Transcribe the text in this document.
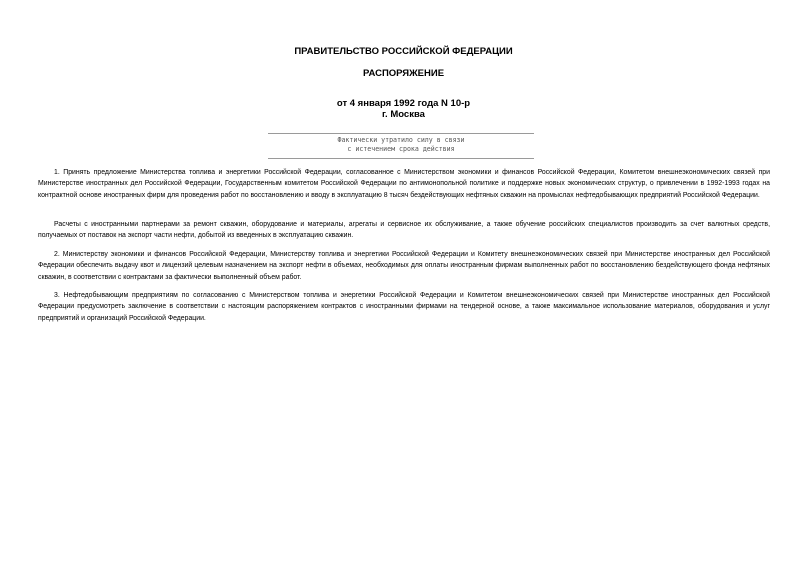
ПРАВИТЕЛЬСТВО РОССИЙСКОЙ ФЕДЕРАЦИИ
РАСПОРЯЖЕНИЕ
от 4 января 1992 года N 10-р
г. Москва
Фактически утратило силу в связи
с истечением срока действия

1. Принять предложение Министерства топлива и энергетики Российской Федерации, согласованное с Министерством экономики и финансов Российской Федерации, Комитетом внешнеэкономических связей при Министерстве иностранных дел Российской Федерации, Государственным комитетом Российской Федерации по антимонопольной политике и поддержке новых экономических структур, о привлечении в 1992-1993 годах на контрактной основе иностранных фирм для проведения работ по восстановлению и вводу в эксплуатацию 8 тысяч бездействующих нефтяных скважин на промыслах нефтедобывающих предприятий Российской Федерации.

Расчеты с иностранными партнерами за ремонт скважин, оборудование и материалы, агрегаты и сервисное их обслуживание, а также обучение российских специалистов производить за счет валютных средств, получаемых от поставок на экспорт части нефти, добытой из введенных в эксплуатацию скважин.

2. Министерству экономики и финансов Российской Федерации, Министерству топлива и энергетики Российской Федерации и Комитету внешнеэкономических связей при Министерстве иностранных дел Российской Федерации обеспечить выдачу квот и лицензий целевым назначением на экспорт нефти в объемах, необходимых для оплаты иностранным фирмам выполненных работ по восстановлению бездействующего фонда нефтяных скважин, в соответствии с контрактами за фактически выполненный объем работ.

3. Нефтедобывающим предприятиям по согласованию с Министерством топлива и энергетики Российской Федерации и Комитетом внешнеэкономических связей при Министерстве иностранных дел Российской Федерации предусмотреть заключение в соответствии с настоящим распоряжением контрактов с иностранными фирмами на тендерной основе, а также максимальное использование материалов, оборудования и услуг предприятий и организаций Российской Федерации.
